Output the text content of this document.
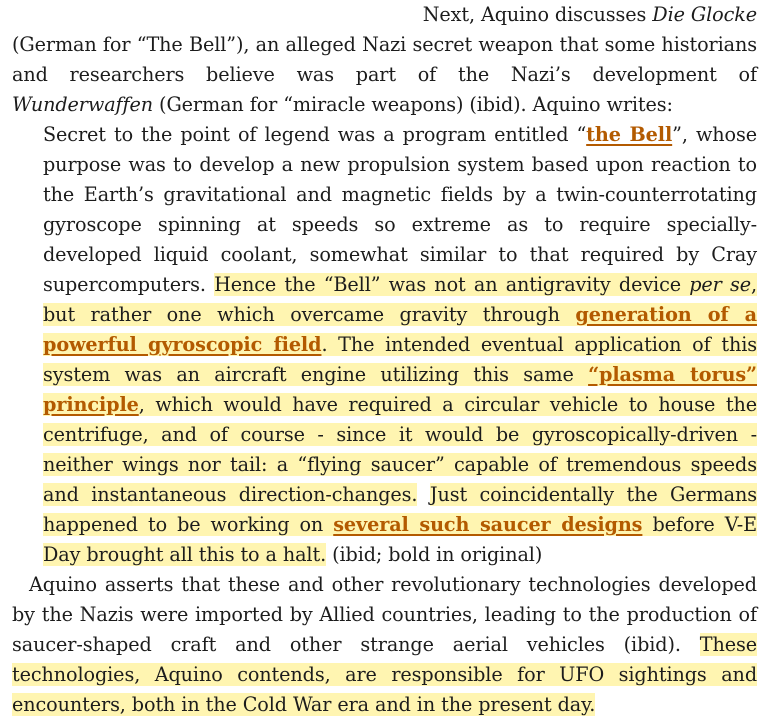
Next, Aquino discusses Die Glocke
(German for “The Bell”), an alleged Nazi secret weapon that some historians and researchers believe was part of the Nazi’s development of Wunderwaffen (German for “miracle weapons) (ibid). Aquino writes:

Secret to the point of legend was a program entitled “the Bell”, whose purpose was to develop a new propulsion system based upon reaction to the Earth’s gravitational and magnetic fields by a twin-counterrotating gyroscope spinning at speeds so extreme as to require specially-developed liquid coolant, somewhat similar to that required by Cray supercomputers. Hence the “Bell” was not an antigravity device per se, but rather one which overcame gravity through generation of a powerful gyroscopic field. The intended eventual application of this system was an aircraft engine utilizing this same “plasma torus” principle, which would have required a circular vehicle to house the centrifuge, and of course - since it would be gyroscopically-driven - neither wings nor tail: a “flying saucer” capable of tremendous speeds and instantaneous direction-changes. Just coincidentally the Germans happened to be working on several such saucer designs before V-E Day brought all this to a halt. (ibid; bold in original)

Aquino asserts that these and other revolutionary technologies developed by the Nazis were imported by Allied countries, leading to the production of saucer-shaped craft and other strange aerial vehicles (ibid). These technologies, Aquino contends, are responsible for UFO sightings and encounters, both in the Cold War era and in the present day.
